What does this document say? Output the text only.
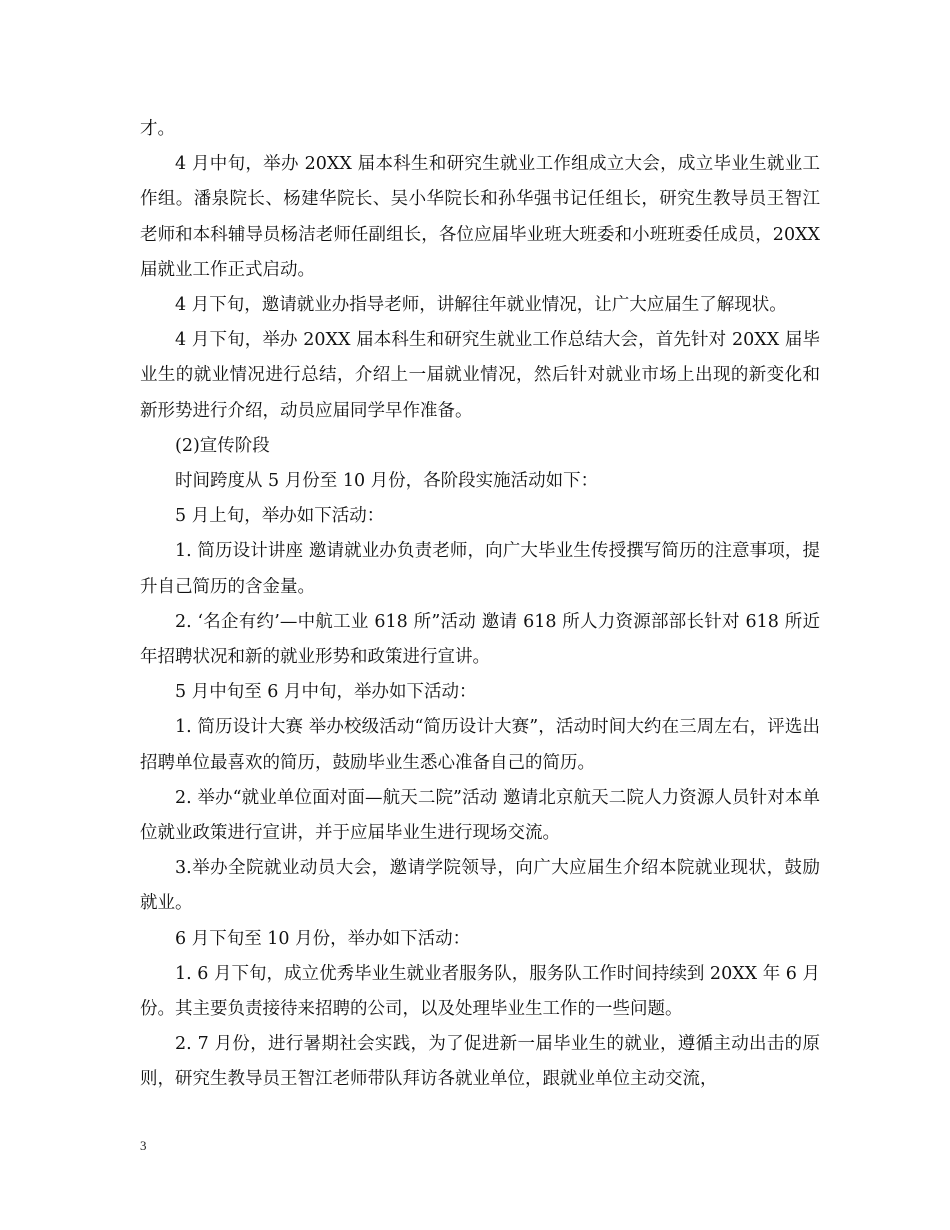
才。

4 月中旬，举办 20XX 届本科生和研究生就业工作组成立大会，成立毕业生就业工作组。潘泉院长、杨建华院长、吴小华院长和孙华强书记任组长，研究生教导员王智江老师和本科辅导员杨洁老师任副组长，各位应届毕业班大班委和小班班委任成员，20XX 届就业工作正式启动。

4 月下旬，邀请就业办指导老师，讲解往年就业情况，让广大应届生了解现状。

4 月下旬，举办 20XX 届本科生和研究生就业工作总结大会，首先针对 20XX 届毕业生的就业情况进行总结，介绍上一届就业情况，然后针对就业市场上出现的新变化和新形势进行介绍，动员应届同学早作准备。

(2)宣传阶段

时间跨度从 5 月份至 10 月份，各阶段实施活动如下：

5 月上旬，举办如下活动：

1. 简历设计讲座 邀请就业办负责老师，向广大毕业生传授撰写简历的注意事项，提升自己简历的含金量。

2. ‘名企有约’—中航工业 618 所”活动 邀请 618 所人力资源部部长针对 618 所近年招聘状况和新的就业形势和政策进行宣讲。

5 月中旬至 6 月中旬，举办如下活动：

1. 简历设计大赛 举办校级活动“简历设计大赛”，活动时间大约在三周左右，评选出招聘单位最喜欢的简历，鼓励毕业生悉心准备自己的简历。

2. 举办“就业单位面对面—航天二院”活动 邀请北京航天二院人力资源人员针对本单位就业政策进行宣讲，并于应届毕业生进行现场交流。

3.举办全院就业动员大会，邀请学院领导，向广大应届生介绍本院就业现状，鼓励就业。

6 月下旬至 10 月份，举办如下活动：

1. 6 月下旬，成立优秀毕业生就业者服务队，服务队工作时间持续到 20XX 年 6 月份。其主要负责接待来招聘的公司，以及处理毕业生工作的一些问题。

2. 7 月份，进行暑期社会实践，为了促进新一届毕业生的就业，遵循主动出击的原则，研究生教导员王智江老师带队拜访各就业单位，跟就业单位主动交流，

3
